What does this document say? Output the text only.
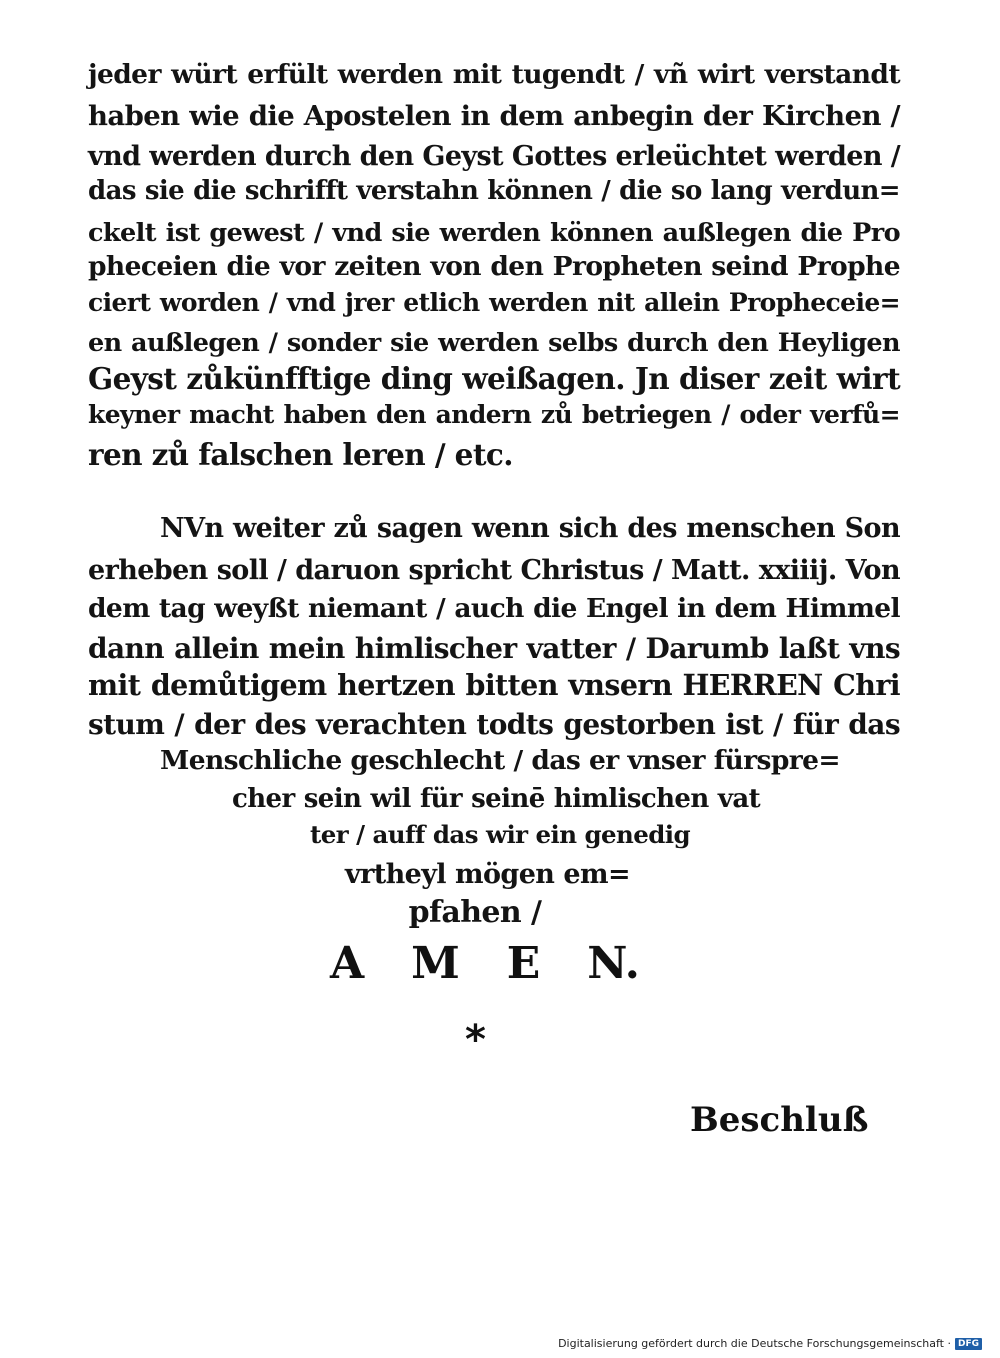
jeder würt erfült werden mit tugendt / vñ wirt verstandt
haben wie die Apostelen in dem anbegin der Kirchen /
vnd werden durch den Geyst Gottes erleüchtet werden /
das sie die schrifft verstahn können / die so lang verdun=
ckelt ist gewest / vnd sie werden können außlegen die Pro
pheceien die vor zeiten von den Propheten seind Prophe
ciert worden / vnd jrer etlich werden nit allein Propheceie=
en außlegen / sonder sie werden selbs durch den Heyligen
Geyst zůkünfftige ding weißagen. Jn diser zeit wirt
keyner macht haben den andern zů betriegen / oder verfů=
ren zů falschen leren / etc.
NVn weiter zů sagen wenn sich des menschen Son
erheben soll / daruon spricht Christus / Matt. xxiiij. Von
dem tag weyßt niemant / auch die Engel in dem Himmel
dann allein mein himlischer vatter / Darumb laßt vns
mit demůtigem hertzen bitten vnsern HERREN Chri
stum / der des verachten todts gestorben ist / für das
Menschliche geschlecht / das er vnser fürspre=
cher sein wil für seinē himlischen vat
ter / auff das wir ein genedig
vrtheyl mögen em=
pfahen /
A M E N.
*
Beschluß
Digitalisierung gefördert durch die Deutsche Forschungsgemeinschaft · DFG
